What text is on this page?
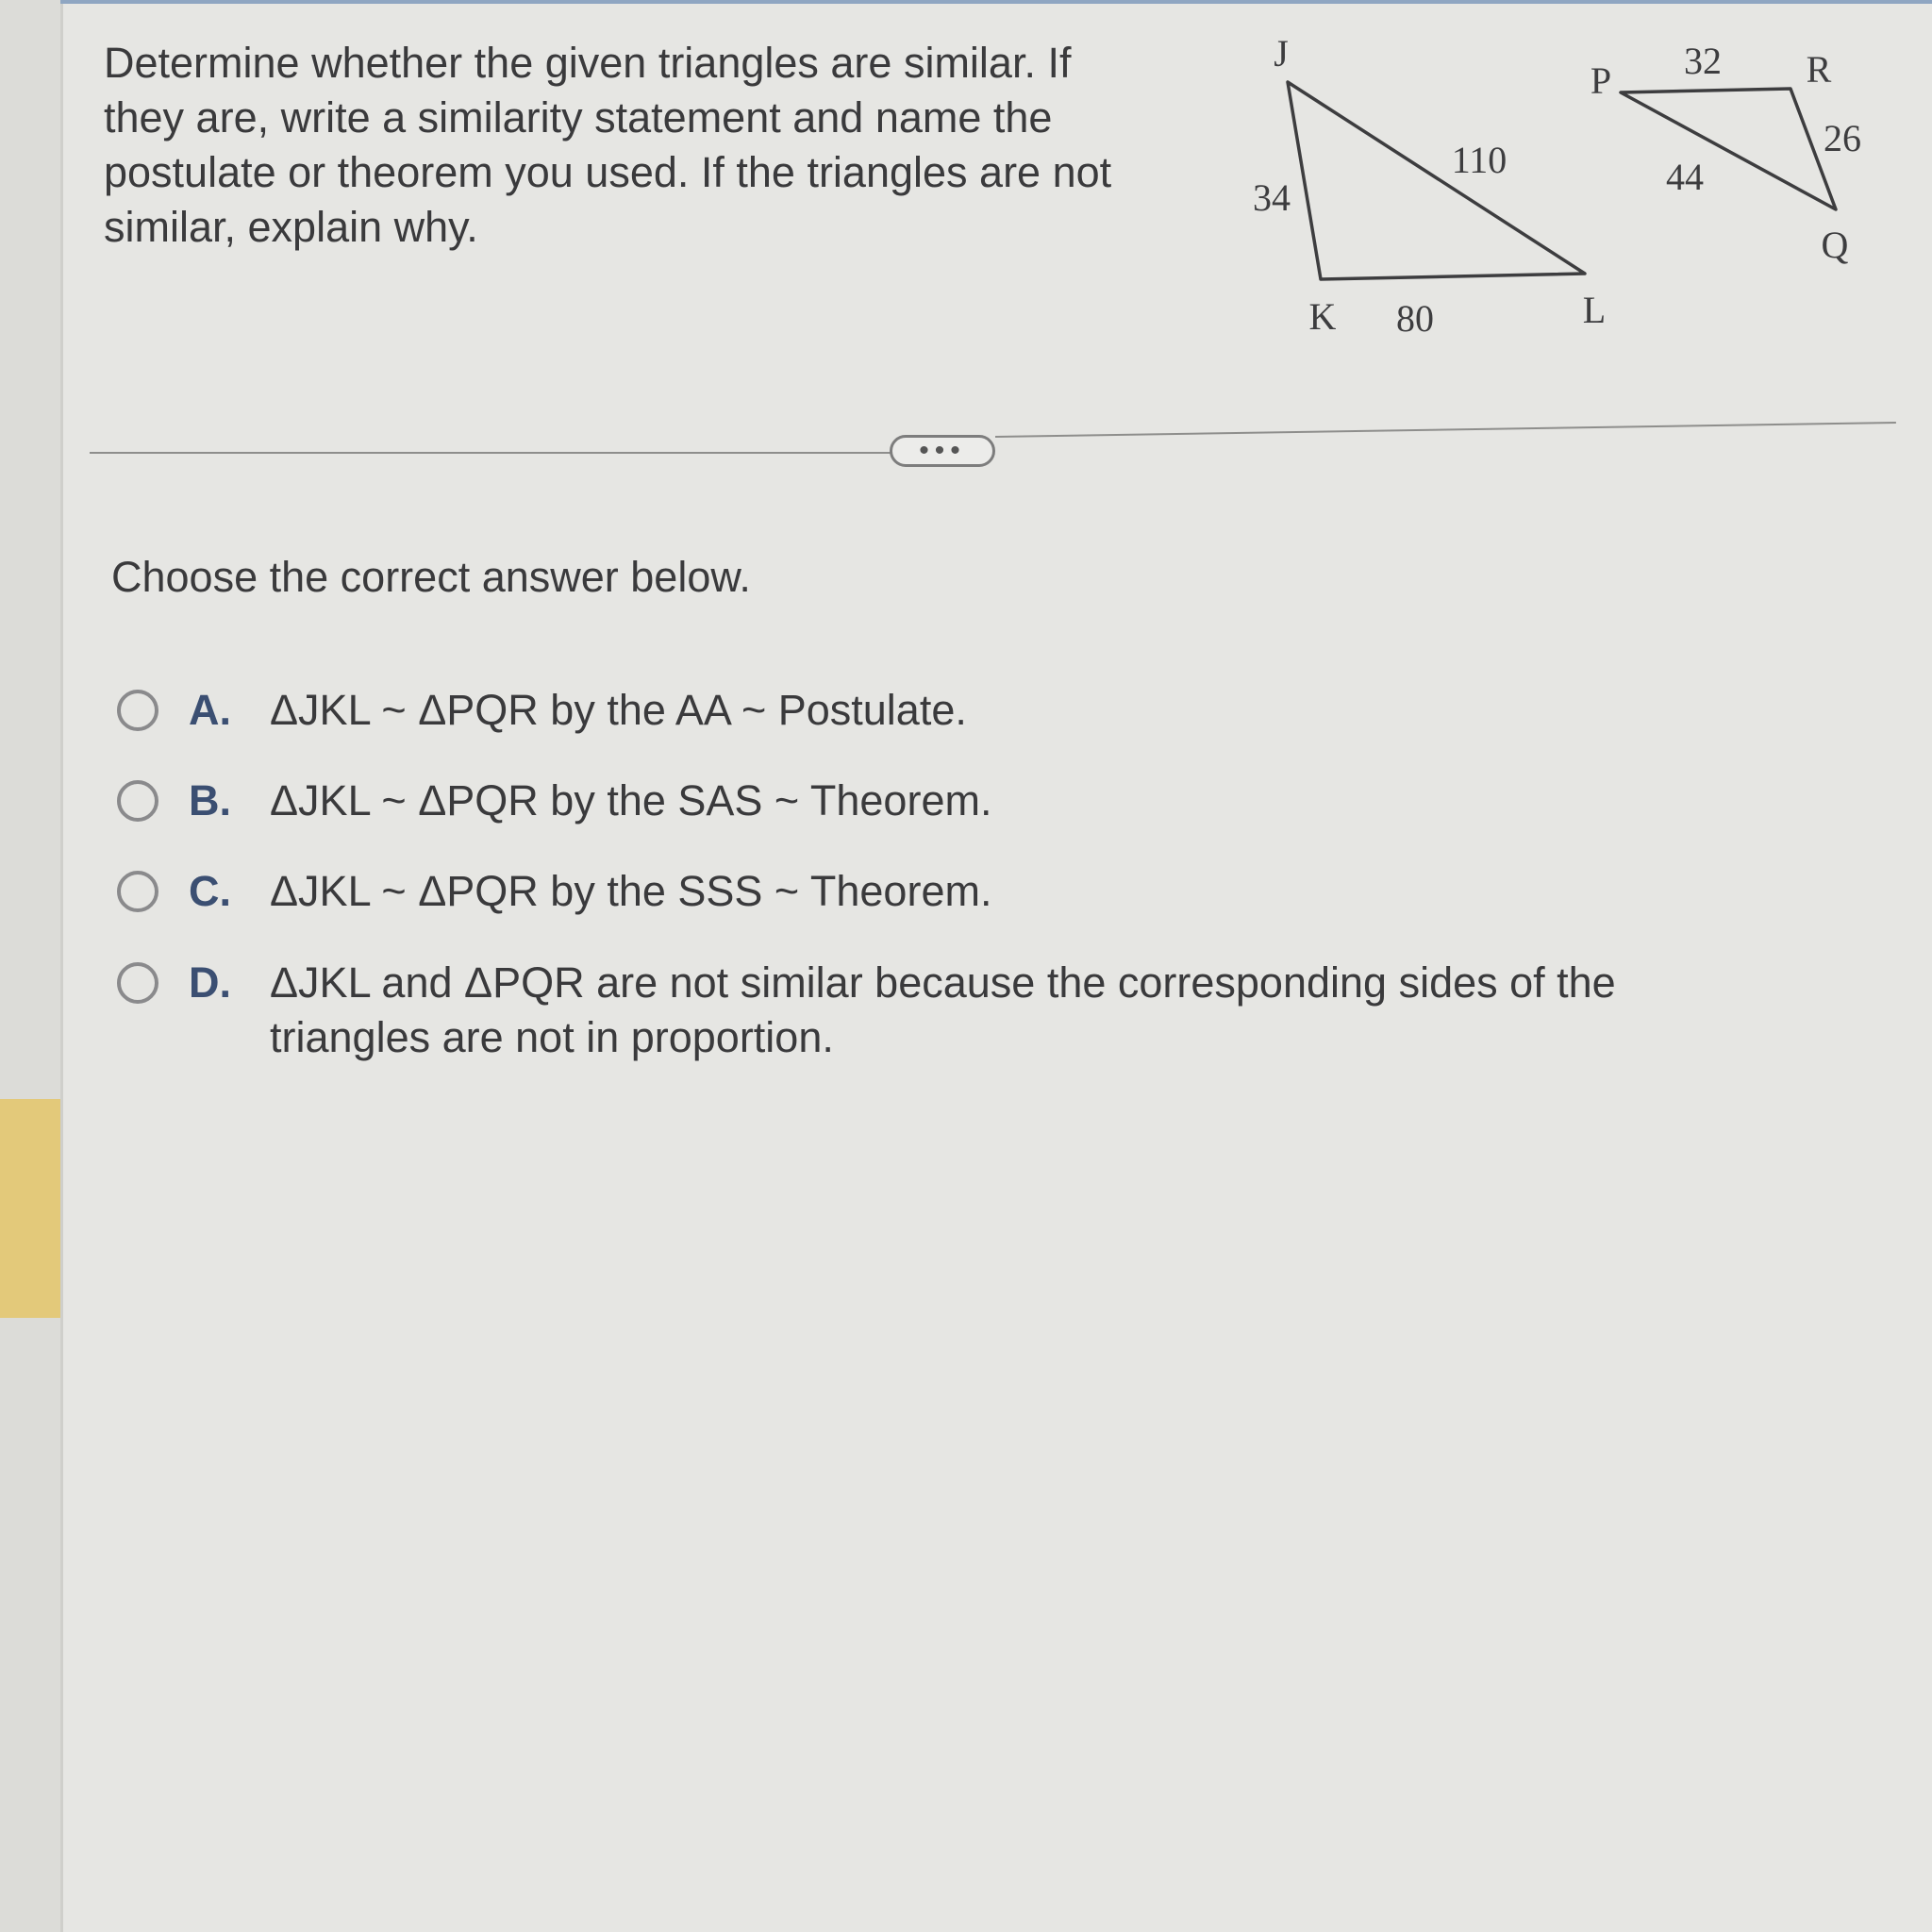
Determine whether the given triangles are similar. If they are, write a similarity statement and name the postulate or theorem you used. If the triangles are not similar, explain why.

J
K	L
34
80
110
P	R
Q
32
26
44
•••

Choose the correct answer below.

A. ΔJKL ~ ΔPQR by the AA ~ Postulate.
B. ΔJKL ~ ΔPQR by the SAS ~ Theorem.
C. ΔJKL ~ ΔPQR by the SSS ~ Theorem.
D. ΔJKL and ΔPQR are not similar because the corresponding sides of the triangles are not in proportion.
